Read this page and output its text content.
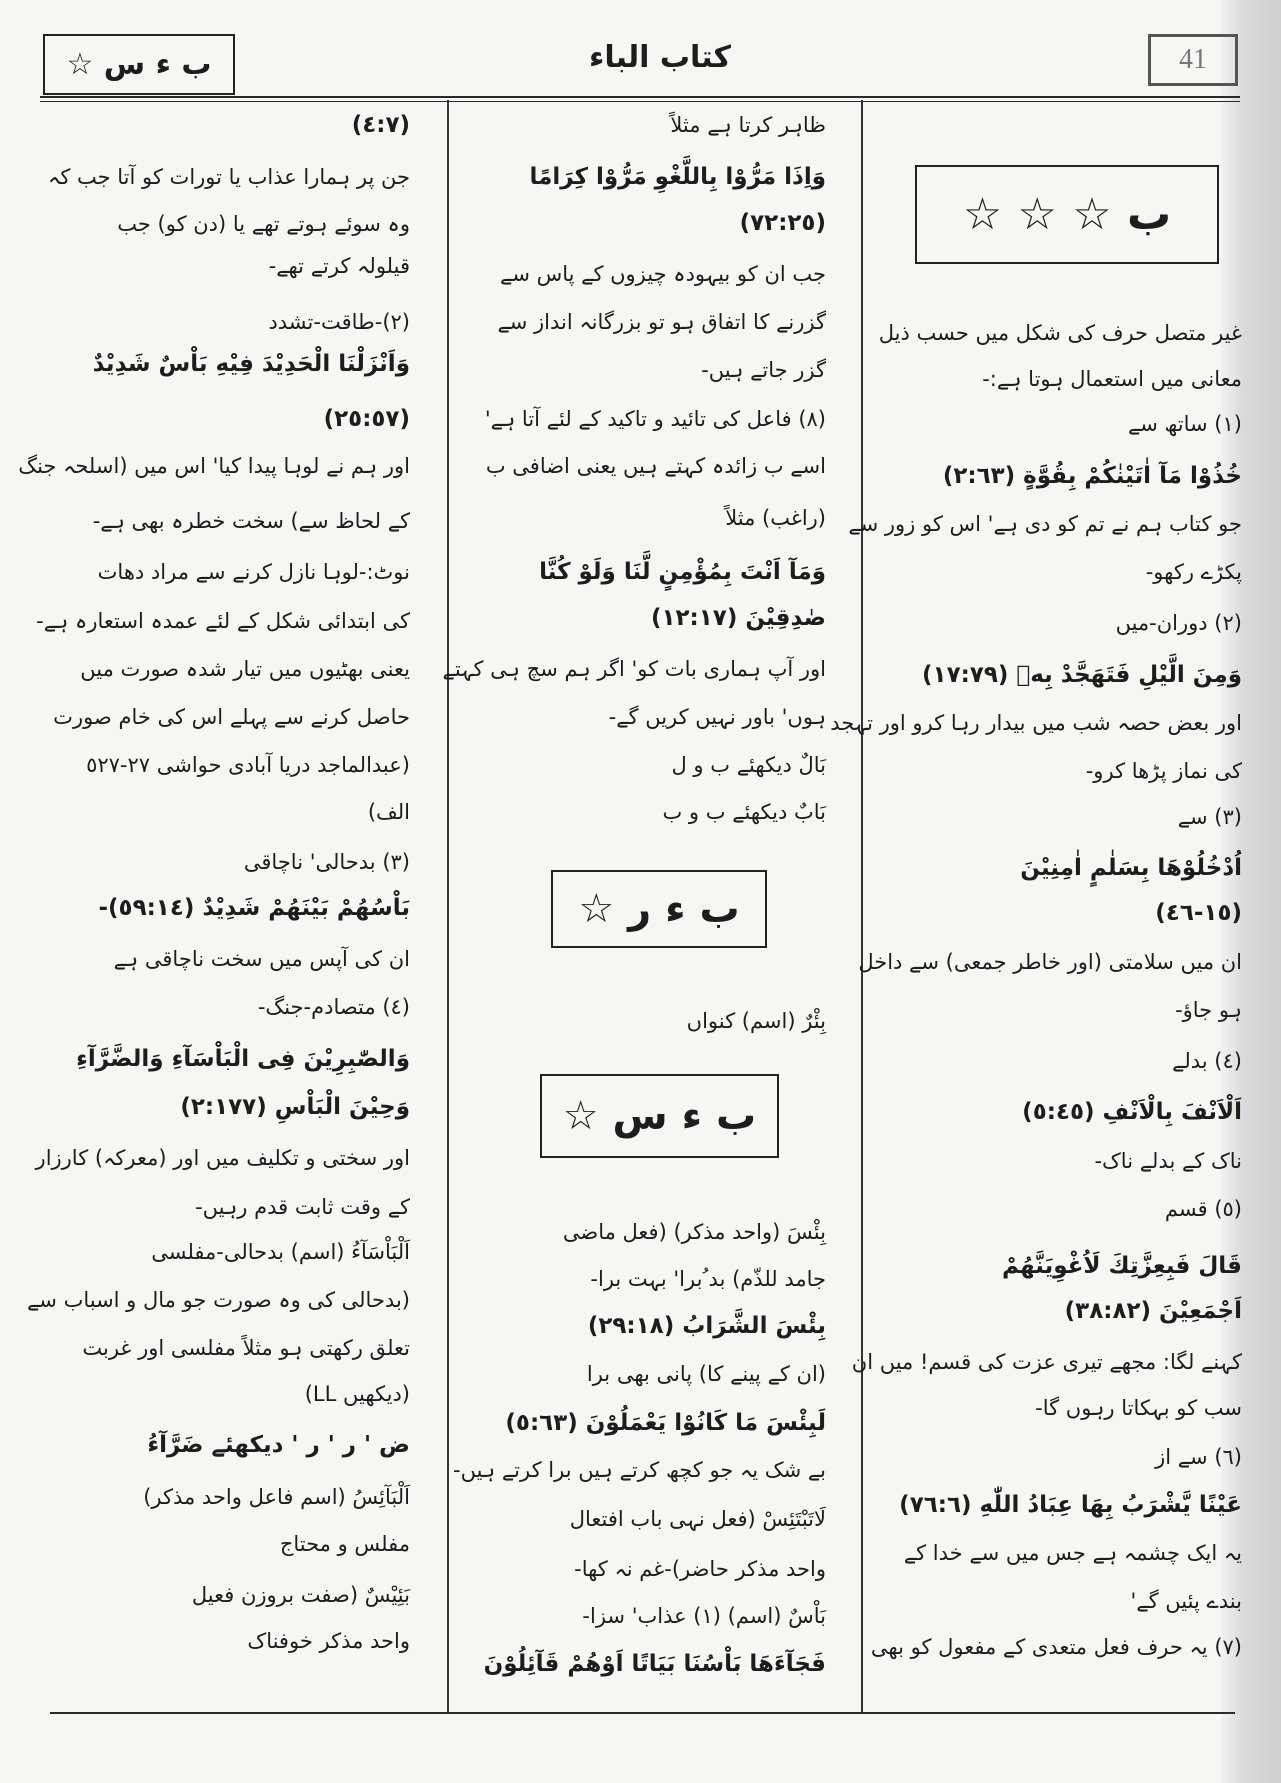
ب ء س ☆	كتاب الباء	41
ب ☆ ☆ ☆
ب ء ر ☆
ب ء س ☆
غیر متصل حرف کی شکل میں حسب ذیل
معانی میں استعمال ہوتا ہے:-
(١) ساتھ سے
خُذُوْا مَآ اٰتَيْنٰكُمْ بِقُوَّةٍ (٢:٦٣)
جو کتاب ہم نے تم کو دی ہے' اس کو زور سے
پکڑے رکھو-
(٢) دوران-میں
وَمِنَ الَّيْلِ فَتَهَجَّدْ بِهٖ (١٧:٧٩)
اور بعض حصہ شب میں بیدار رہا کرو اور تہجد
کی نماز پڑھا کرو-
(٣) سے
اُدْخُلُوْهَا بِسَلٰمٍ اٰمِنِيْنَ
(١٥-٤٦)
ان میں سلامتی (اور خاطر جمعی) سے داخل
ہو جاؤ-
(٤) بدلے
اَلْاَنْفَ بِالْاَنْفِ (٥:٤٥)
ناک کے بدلے ناک-
(٥) قسم
قَالَ فَبِعِزَّتِكَ لَاُغْوِيَنَّهُمْ
اَجْمَعِيْنَ (٣٨:٨٢)
کہنے لگا: مجھے تیری عزت کی قسم! میں ان
سب کو بہکاتا رہوں گا-
(٦) سے از
عَيْنًا يَّشْرَبُ بِهَا عِبَادُ اللّٰهِ (٧٦:٦)
یہ ایک چشمہ ہے جس میں سے خدا کے
بندے پئیں گے'
(٧) یہ حرف فعل متعدی کے مفعول کو بھی
ظاہر کرتا ہے مثلاً
وَاِذَا مَرُّوْا بِاللَّغْوِ مَرُّوْا كِرَامًا
(٧٢:٢٥)
جب ان کو بیہودہ چیزوں کے پاس سے
گزرنے کا اتفاق ہو تو بزرگانہ انداز سے
گزر جاتے ہیں-
(٨) فاعل کی تائید و تاکید کے لئے آتا ہے'
اسے ب زائدہ کہتے ہیں یعنی اضافی ب
(راغب) مثلاً
وَمَآ اَنْتَ بِمُؤْمِنٍ لَّنَا وَلَوْ كُنَّا
صٰدِقِيْنَ (١٢:١٧)
اور آپ ہماری بات کو' اگر ہم سچ ہی کہتے
ہوں' باور نہیں کریں گے-
بَالٌ دیکھئے ب و ل
بَابٌ دیکھئے ب و ب
بِئْرٌ (اسم) کنواں
بِئْسَ (واحد مذکر) (فعل ماضی
جامد للذّم) بد ُبرا' بہت برا-
بِئْسَ الشَّرَابُ (٢٩:١٨)
(ان کے پینے کا) پانی بھی برا
لَبِئْسَ مَا كَانُوْا يَعْمَلُوْنَ (٥:٦٣)
بے شک یہ جو کچھ کرتے ہیں برا کرتے ہیں-
لَاتَبْتَئِسْ (فعل نہی باب افتعال
واحد مذکر حاضر)-غم نہ کھا-
بَاْسٌ (اسم) (١) عذاب' سزا-
فَجَآءَهَا بَاْسُنَا بَيَاتًا اَوْهُمْ قَآئِلُوْنَ
(٤:٧)
جن پر ہمارا عذاب یا تورات کو آتا جب کہ
وہ سوئے ہوتے تھے یا (دن کو) جب
قیلولہ کرتے تھے-
(٢)-طاقت-تشدد
وَاَنْزَلْنَا الْحَدِيْدَ فِيْهِ بَاْسٌ شَدِيْدٌ
(٢٥:٥٧)
اور ہم نے لوہا پیدا کیا' اس میں (اسلحہ جنگ
کے لحاظ سے) سخت خطرہ بھی ہے-
نوٹ:-لوہا نازل کرنے سے مراد دھات
کی ابتدائی شکل کے لئے عمدہ استعارہ ہے-
یعنی بھٹیوں میں تیار شدہ صورت میں
حاصل کرنے سے پہلے اس کی خام صورت
(عبدالماجد دریا آبادی حواشی ٢٧-٥٢٧
الف)
(٣) بدحالی' ناچاقی
بَاْسُهُمْ بَيْنَهُمْ شَدِيْدٌ (٥٩:١٤)-
ان کی آپس میں سخت ناچاقی ہے
(٤) متصادم-جنگ-
وَالصّٰبِرِيْنَ فِى الْبَاْسَآءِ وَالضَّرَّآءِ
وَحِيْنَ الْبَاْسِ (٢:١٧٧)
اور سختی و تکلیف میں اور (معرکہ) کارزار
کے وقت ثابت قدم رہیں-
اَلْبَاْسَآءُ (اسم) بدحالی-مفلسی
(بدحالی کی وہ صورت جو مال و اسباب سے
تعلق رکھتی ہو مثلاً مفلسی اور غربت
(دیکھیں LL)
ض ' ر ' ر ' دیکھئے ضَرَّآءُ
اَلْبَآئِسُ (اسم فاعل واحد مذکر)
مفلس و محتاج
بَئِيْسٌ (صفت بروزن فعیل
واحد مذکر خوفناک
